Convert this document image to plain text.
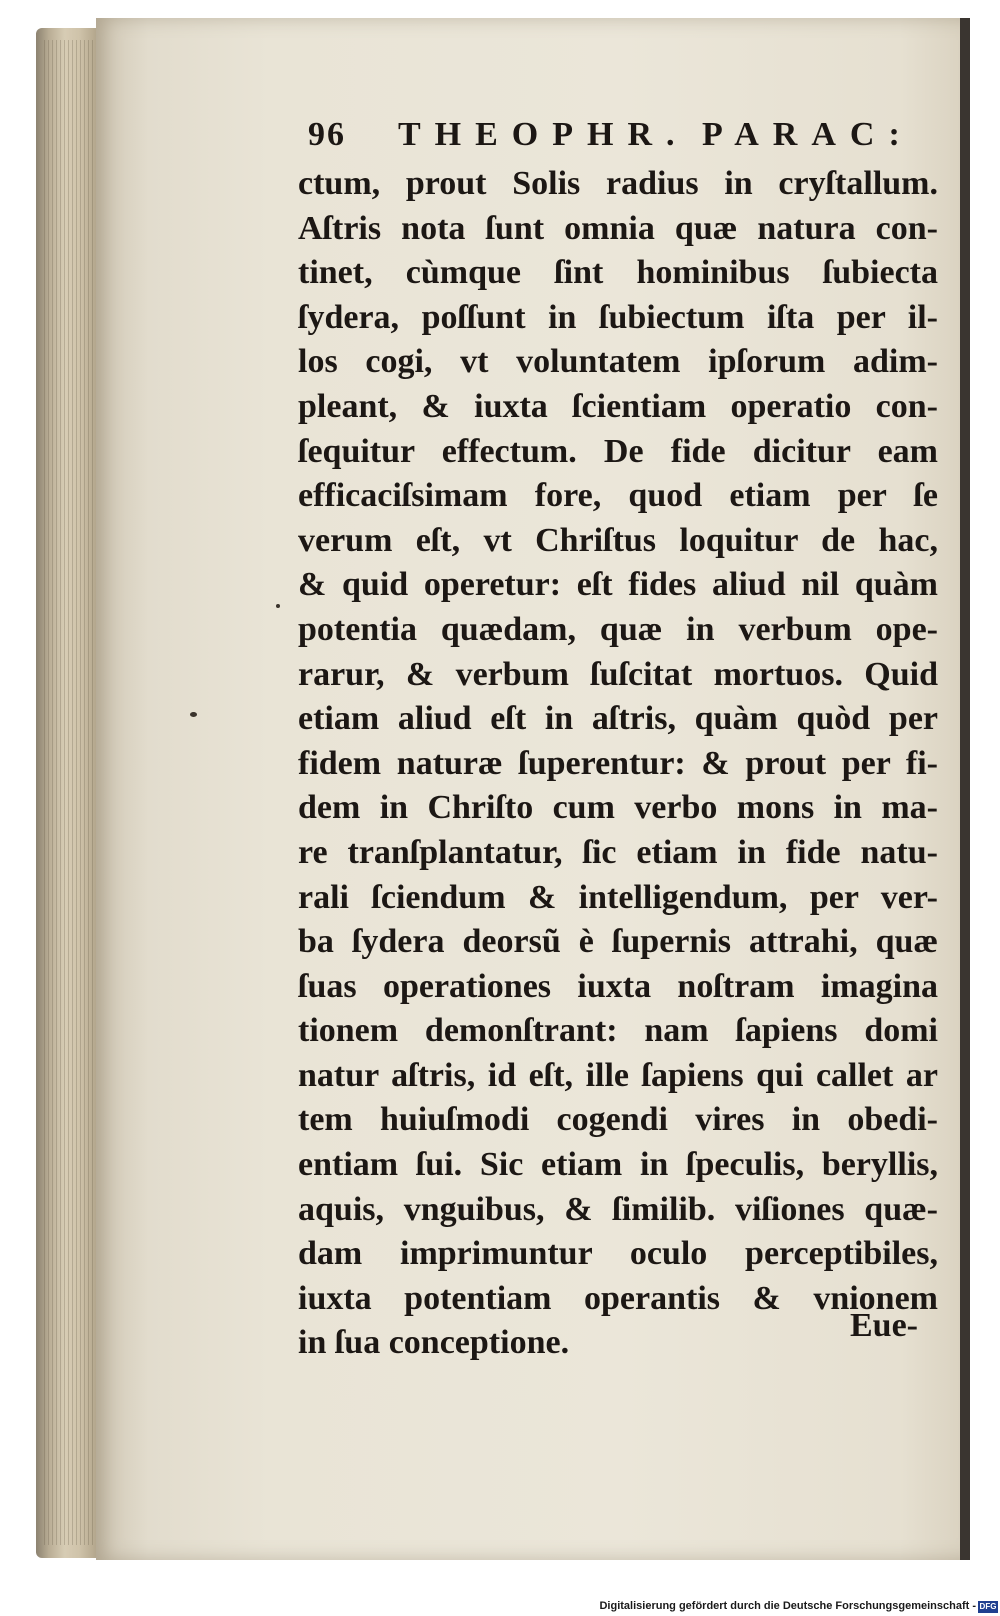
96 THEOPHR. PARAC:
ctum, prout Solis radius in cryſtallum.
Aſtris nota ſunt omnia quæ natura con-
tinet, cùmque ſint hominibus ſubiecta
ſydera, poſſunt in ſubiectum iſta per il-
los cogi, vt voluntatem ipſorum adim-
pleant, & iuxta ſcientiam operatio con-
ſequitur effectum. De fide dicitur eam
efficaciſsimam fore, quod etiam per ſe
verum eſt, vt Chriſtus loquitur de hac,
& quid operetur: eſt fides aliud nil quàm
potentia quædam, quæ in verbum ope-
rarur, & verbum ſuſcitat mortuos. Quid
etiam aliud eſt in aſtris, quàm quòd per
fidem naturæ ſuperentur: & prout per fi-
dem in Chriſto cum verbo mons in ma-
re tranſplantatur, ſic etiam in fide natu-
rali ſciendum & intelligendum, per ver-
ba ſydera deorsũ è ſupernis attrahi, quæ
ſuas operationes iuxta noſtram imagina
tionem demonſtrant: nam ſapiens domi
natur aſtris, id eſt, ille ſapiens qui callet ar
tem huiuſmodi cogendi vires in obedi-
entiam ſui. Sic etiam in ſpeculis, beryllis,
aquis, vnguibus, & ſimilib. viſiones quæ-
dam imprimuntur oculo perceptibiles,
iuxta potentiam operantis & vnionem
in ſua conceptione.	Eue-
Digitalisierung gefördert durch die Deutsche Forschungsgemeinschaft - DFG
